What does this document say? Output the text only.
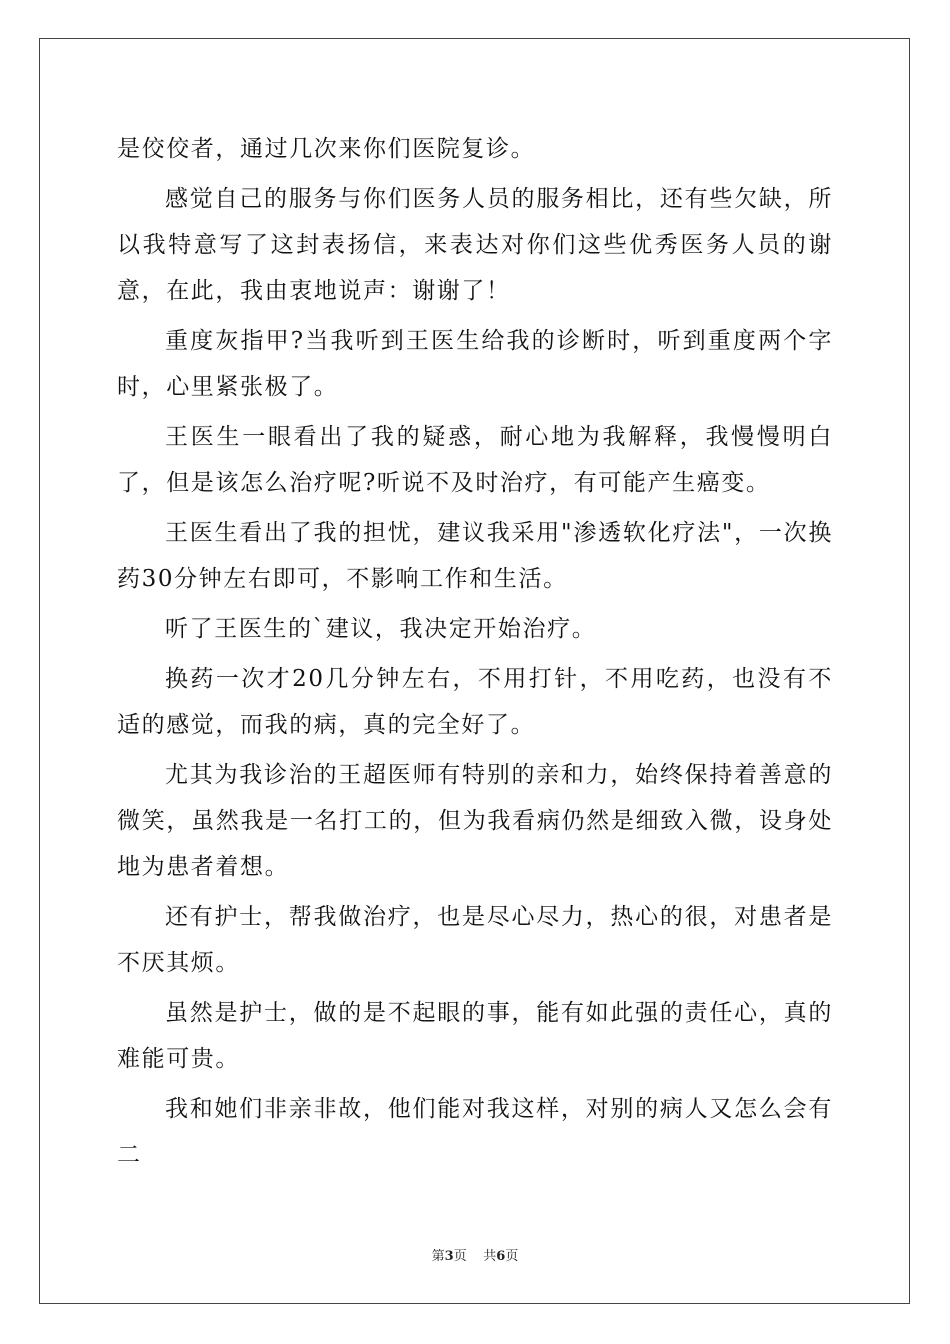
是佼佼者，通过几次来你们医院复诊。

感觉自己的服务与你们医务人员的服务相比，还有些欠缺，所以我特意写了这封表扬信，来表达对你们这些优秀医务人员的谢意，在此，我由衷地说声：谢谢了！

重度灰指甲?当我听到王医生给我的诊断时，听到重度两个字时，心里紧张极了。

王医生一眼看出了我的疑惑，耐心地为我解释，我慢慢明白了，但是该怎么治疗呢?听说不及时治疗，有可能产生癌变。

王医生看出了我的担忧，建议我采用"渗透软化疗法"，一次换药30分钟左右即可，不影响工作和生活。

听了王医生的`建议，我决定开始治疗。

换药一次才20几分钟左右，不用打针，不用吃药，也没有不适的感觉，而我的病，真的完全好了。

尤其为我诊治的王超医师有特别的亲和力，始终保持着善意的微笑，虽然我是一名打工的，但为我看病仍然是细致入微，设身处地为患者着想。

还有护士，帮我做治疗，也是尽心尽力，热心的很，对患者是不厌其烦。

虽然是护士，做的是不起眼的事，能有如此强的责任心，真的难能可贵。

我和她们非亲非故，他们能对我这样，对别的病人又怎么会有二

第3页 共6页
